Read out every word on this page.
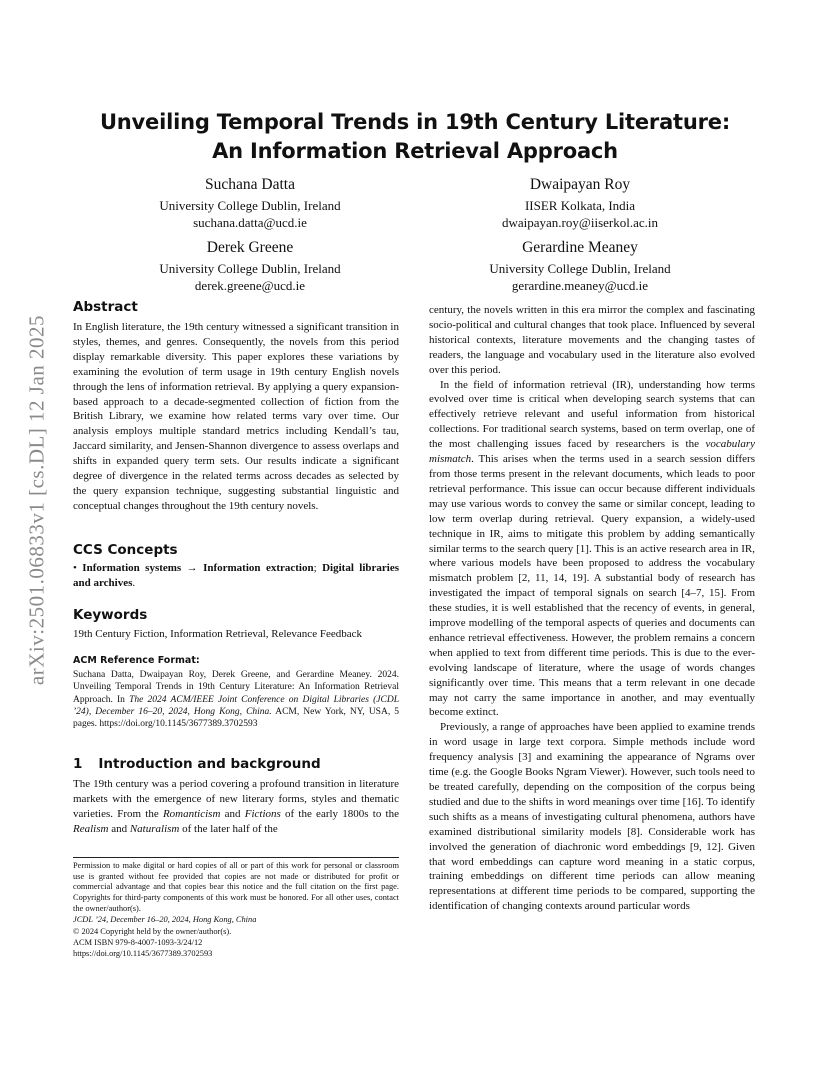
arXiv:2501.06833v1 [cs.DL] 12 Jan 2025
Unveiling Temporal Trends in 19th Century Literature: An Information Retrieval Approach
Suchana Datta
University College Dublin, Ireland
suchana.datta@ucd.ie
Dwaipayan Roy
IISER Kolkata, India
dwaipayan.roy@iiserkol.ac.in
Derek Greene
University College Dublin, Ireland
derek.greene@ucd.ie
Gerardine Meaney
University College Dublin, Ireland
gerardine.meaney@ucd.ie
Abstract
In English literature, the 19th century witnessed a significant transition in styles, themes, and genres. Consequently, the novels from this period display remarkable diversity. This paper explores these variations by examining the evolution of term usage in 19th century English novels through the lens of information retrieval. By applying a query expansion-based approach to a decade-segmented collection of fiction from the British Library, we examine how related terms vary over time. Our analysis employs multiple standard metrics including Kendall’s tau, Jaccard similarity, and Jensen-Shannon divergence to assess overlaps and shifts in expanded query term sets. Our results indicate a significant degree of divergence in the related terms across decades as selected by the query expansion technique, suggesting substantial linguistic and conceptual changes throughout the 19th century novels.
CCS Concepts
• Information systems → Information extraction; Digital libraries and archives.
Keywords
19th Century Fiction, Information Retrieval, Relevance Feedback
ACM Reference Format:
Suchana Datta, Dwaipayan Roy, Derek Greene, and Gerardine Meaney. 2024. Unveiling Temporal Trends in 19th Century Literature: An Information Retrieval Approach. In The 2024 ACM/IEEE Joint Conference on Digital Libraries (JCDL ’24), December 16–20, 2024, Hong Kong, China. ACM, New York, NY, USA, 5 pages. https://doi.org/10.1145/3677389.3702593
1 Introduction and background
The 19th century was a period covering a profound transition in literature markets with the emergence of new literary forms, styles and thematic varieties. From the Romanticism and Fictions of the early 1800s to the Realism and Naturalism of the later half of the
Permission to make digital or hard copies of all or part of this work for personal or classroom use is granted without fee provided that copies are not made or distributed for profit or commercial advantage and that copies bear this notice and the full citation on the first page. Copyrights for third-party components of this work must be honored. For all other uses, contact the owner/author(s).
JCDL ’24, December 16–20, 2024, Hong Kong, China
© 2024 Copyright held by the owner/author(s).
ACM ISBN 979-8-4007-1093-3/24/12
https://doi.org/10.1145/3677389.3702593

century, the novels written in this era mirror the complex and fascinating socio-political and cultural changes that took place. Influenced by several historical contexts, literature movements and the changing tastes of readers, the language and vocabulary used in the literature also evolved over this period.

In the field of information retrieval (IR), understanding how terms evolved over time is critical when developing search systems that can effectively retrieve relevant and useful information from historical collections. For traditional search systems, based on term overlap, one of the most challenging issues faced by researchers is the vocabulary mismatch. This arises when the terms used in a search session differs from those terms present in the relevant documents, which leads to poor retrieval performance. This issue can occur because different individuals may use various words to convey the same or similar concept, leading to low term overlap during retrieval. Query expansion, a widely-used technique in IR, aims to mitigate this problem by adding semantically similar terms to the search query [1]. This is an active research area in IR, where various models have been proposed to address the vocabulary mismatch problem [2, 11, 14, 19]. A substantial body of research has investigated the impact of temporal signals on search [4–7, 15]. From these studies, it is well established that the recency of events, in general, improve modelling of the temporal aspects of queries and documents can enhance retrieval effectiveness. However, the problem remains a concern when applied to text from different time periods. This is due to the ever-evolving landscape of literature, where the usage of words changes significantly over time. This means that a term relevant in one decade may not carry the same importance in another, and may eventually become extinct.

Previously, a range of approaches have been applied to examine trends in word usage in large text corpora. Simple methods include word frequency analysis [3] and examining the appearance of Ngrams over time (e.g. the Google Books Ngram Viewer). However, such tools need to be treated carefully, depending on the composition of the corpus being studied and due to the shifts in word meanings over time [16]. To identify such shifts as a means of investigating cultural phenomena, authors have examined distributional similarity models [8]. Considerable work has involved the generation of diachronic word embeddings [9, 12]. Given that word embeddings can capture word meaning in a static corpus, training embeddings on different time periods can allow meaning representations at different time periods to be compared, supporting the identification of changing contexts around particular words
